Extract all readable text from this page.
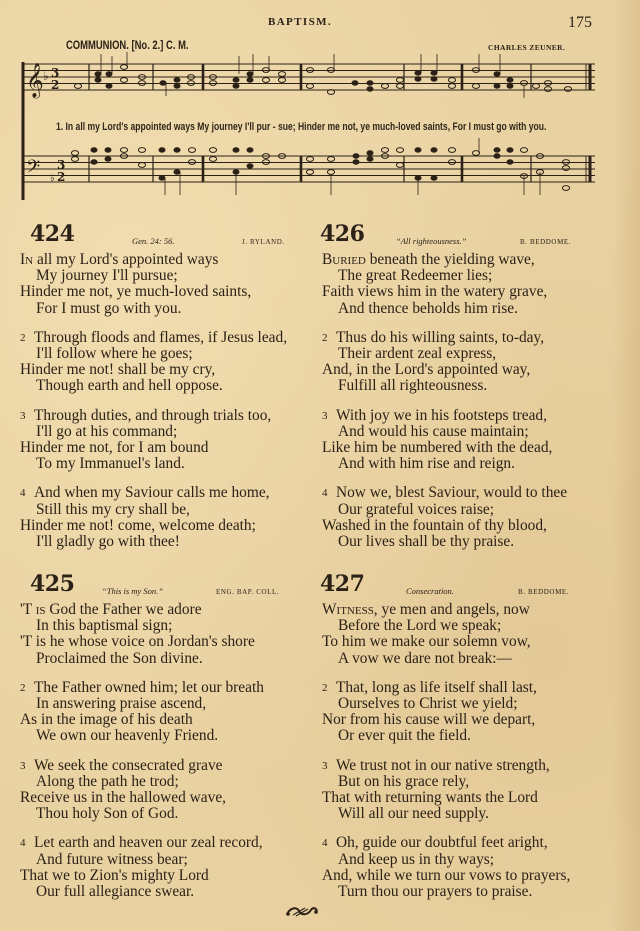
BAPTISM.	175
COMMUNION. [No. 2.] C. M.	CHARLES ZEUNER.
𝄞 ♭ 3
2
𝄢 ♭
3
2
1. In all my Lord's appointed ways My journey I'll pur - sue; Hinder me not, ye much-loved saints, For I must go with you.
424	Gen. 24: 56.	J. RYLAND.
In all my Lord's appointed ways
My journey I'll pursue;
Hinder me not, ye much-loved saints,
For I must go with you.
2 Through floods and flames, if Jesus lead,
I'll follow where he goes;
Hinder me not! shall be my cry,
Though earth and hell oppose.
3 Through duties, and through trials too,
I'll go at his command;
Hinder me not, for I am bound
To my Immanuel's land.
4 And when my Saviour calls me home,
Still this my cry shall be,
Hinder me not! come, welcome death;
I'll gladly go with thee!
425	“This is my Son.”	ENG. BAP. COLL.
'T is God the Father we adore
In this baptismal sign;
'T is he whose voice on Jordan's shore
Proclaimed the Son divine.
2 The Father owned him; let our breath
In answering praise ascend,
As in the image of his death
We own our heavenly Friend.
3 We seek the consecrated grave
Along the path he trod;
Receive us in the hallowed wave,
Thou holy Son of God.
4 Let earth and heaven our zeal record,
And future witness bear;
That we to Zion's mighty Lord
Our full allegiance swear.
426	“All righteousness.”	B. BEDDOME.
Buried beneath the yielding wave,
The great Redeemer lies;
Faith views him in the watery grave,
And thence beholds him rise.
2 Thus do his willing saints, to-day,
Their ardent zeal express,
And, in the Lord's appointed way,
Fulfill all righteousness.
3 With joy we in his footsteps tread,
And would his cause maintain;
Like him be numbered with the dead,
And with him rise and reign.
4 Now we, blest Saviour, would to thee
Our grateful voices raise;
Washed in the fountain of thy blood,
Our lives shall be thy praise.
427	Consecration.	B. BEDDOME.
Witness, ye men and angels, now
Before the Lord we speak;
To him we make our solemn vow,
A vow we dare not break:—
2 That, long as life itself shall last,
Ourselves to Christ we yield;
Nor from his cause will we depart,
Or ever quit the field.
3 We trust not in our native strength,
But on his grace rely,
That with returning wants the Lord
Will all our need supply.
4 Oh, guide our doubtful feet aright,
And keep us in thy ways;
And, while we turn our vows to prayers,
Turn thou our prayers to praise.
